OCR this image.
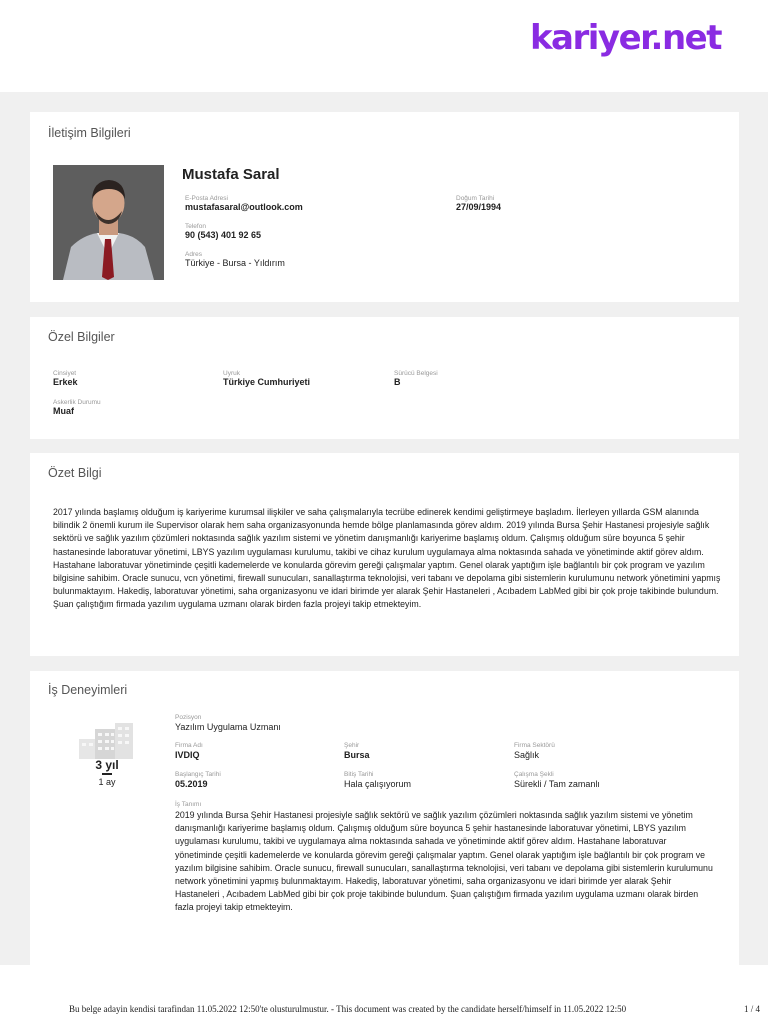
kariyer.net
İletişim Bilgileri
Mustafa Saral
E-Posta Adresi
mustafasaral@outlook.com
Doğum Tarihi
27/09/1994
Telefon
90 (543) 401 92 65
Adres
Türkiye - Bursa - Yıldırım
Özel Bilgiler
Cinsiyet
Erkek
Uyruk
Türkiye Cumhuriyeti
Sürücü Belgesi
B
Askerlik Durumu
Muaf
Özet Bilgi
2017 yılında başlamış olduğum iş kariyerime kurumsal ilişkiler ve saha çalışmalarıyla tecrübe edinerek kendimi geliştirmeye başladım. İlerleyen yıllarda GSM alanında bilindik 2 önemli kurum ile Supervisor olarak hem saha organizasyonunda hemde bölge planlamasında görev aldım. 2019 yılında Bursa Şehir Hastanesi projesiyle sağlık sektörü ve sağlık yazılım çözümleri noktasında sağlık yazılım sistemi ve yönetim danışmanlığı kariyerime başlamış oldum. Çalışmış olduğum süre boyunca 5 şehir hastanesinde laboratuvar yönetimi, LBYS yazılım uygulaması kurulumu, takibi ve cihaz kurulum uygulamaya alma noktasında sahada ve yönetiminde aktif görev aldım. Hastahane laboratuvar yönetiminde çeşitli kademelerde ve konularda görevim gereği çalışmalar yaptım. Genel olarak yaptığım işle bağlantılı bir çok program ve yazılım bilgisine sahibim. Oracle sunucu, vcn yönetimi, firewall sunucuları, sanallaştırma teknolojisi, veri tabanı ve depolama gibi sistemlerin kurulumunu network yönetimini yapmış bulunmaktayım. Hakediş, laboratuvar yönetimi, saha organizasyonu ve idari birimde yer alarak Şehir Hastaneleri , Acıbadem LabMed gibi bir çok proje takibinde bulundum. Şuan çalıştığım firmada yazılım uygulama uzmanı olarak birden fazla projeyi takip etmekteyim.
İş Deneyimleri
3 yıl
1 ay
Pozisyon
Yazılım Uygulama Uzmanı
Firma Adı
IVDIQ
Şehir
Bursa
Firma Sektörü
Sağlık
Başlangıç Tarihi
05.2019
Bitiş Tarihi
Hala çalışıyorum
Çalışma Şekli
Sürekli / Tam zamanlı
İş Tanımı
2019 yılında Bursa Şehir Hastanesi projesiyle sağlık sektörü ve sağlık yazılım çözümleri noktasında sağlık yazılım sistemi ve yönetim danışmanlığı kariyerime başlamış oldum. Çalışmış olduğum süre boyunca 5 şehir hastanesinde laboratuvar yönetimi, LBYS yazılım uygulaması kurulumu, takibi ve uygulamaya alma noktasında sahada ve yönetiminde aktif görev aldım. Hastahane laboratuvar yönetiminde çeşitli kademelerde ve konularda görevim gereği çalışmalar yaptım. Genel olarak yaptığım işle bağlantılı bir çok program ve yazılım bilgisine sahibim. Oracle sunucu, firewall sunucuları, sanallaştırma teknolojisi, veri tabanı ve depolama gibi sistemlerin kurulumunu network yönetimini yapmış bulunmaktayım. Hakediş, laboratuvar yönetimi, saha organizasyonu ve idari birimde yer alarak Şehir Hastaneleri , Acıbadem LabMed gibi bir çok proje takibinde bulundum. Şuan çalıştığım firmada yazılım uygulama uzmanı olarak birden fazla projeyi takip etmekteyim.
Bu belge adayin kendisi tarafindan 11.05.2022 12:50'te olusturulmustur. - This document was created by the candidate herself/himself in 11.05.2022 12:50	1 / 4
